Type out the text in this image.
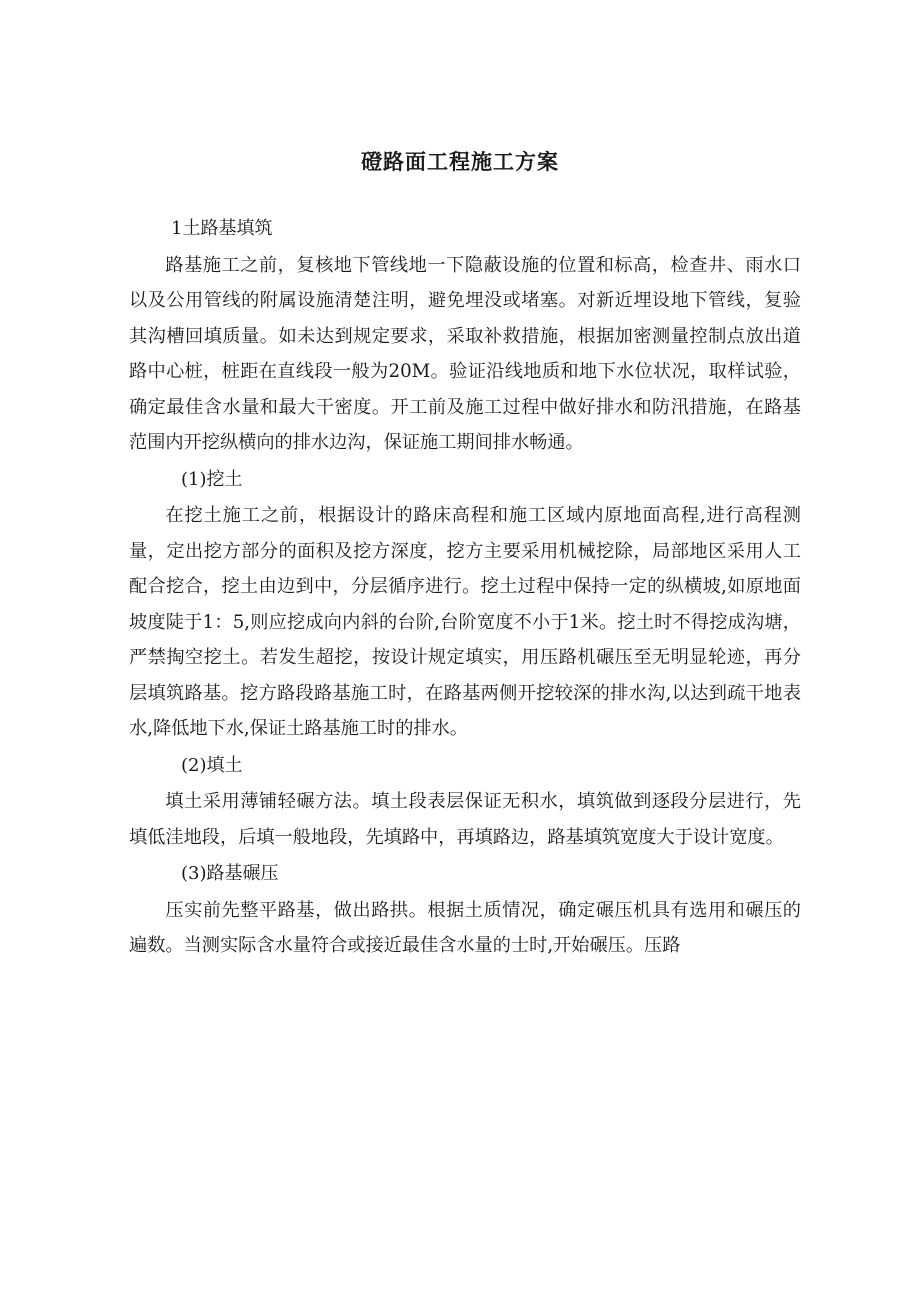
磴路面工程施工方案
1土路基填筑

路基施工之前，复核地下管线地一下隐蔽设施的位置和标高，检查井、雨水口以及公用管线的附属设施清楚注明，避免埋没或堵塞。对新近埋设地下管线，复验其沟槽回填质量。如未达到规定要求，采取补救措施，根据加密测量控制点放出道路中心桩，桩距在直线段一般为20M。验证沿线地质和地下水位状况，取样试验，确定最佳含水量和最大干密度。开工前及施工过程中做好排水和防汛措施，在路基范围内开挖纵横向的排水边沟，保证施工期间排水畅通。

(1)挖土

在挖土施工之前，根据设计的路床高程和施工区域内原地面高程,进行高程测量，定出挖方部分的面积及挖方深度，挖方主要采用机械挖除，局部地区采用人工配合挖合，挖土由边到中，分层循序进行。挖土过程中保持一定的纵横坡,如原地面坡度陡于1：5,则应挖成向内斜的台阶,台阶宽度不小于1米。挖土时不得挖成沟塘，严禁掏空挖土。若发生超挖，按设计规定填实，用压路机碾压至无明显轮迹，再分层填筑路基。挖方路段路基施工时，在路基两侧开挖较深的排水沟,以达到疏干地表水,降低地下水,保证土路基施工时的排水。

(2)填土

填土采用薄铺轻碾方法。填土段表层保证无积水，填筑做到逐段分层进行，先填低洼地段，后填一般地段，先填路中，再填路边，路基填筑宽度大于设计宽度。

(3)路基碾压

压实前先整平路基，做出路拱。根据土质情况，确定碾压机具有选用和碾压的遍数。当测实际含水量符合或接近最佳含水量的士时,开始碾压。压路
